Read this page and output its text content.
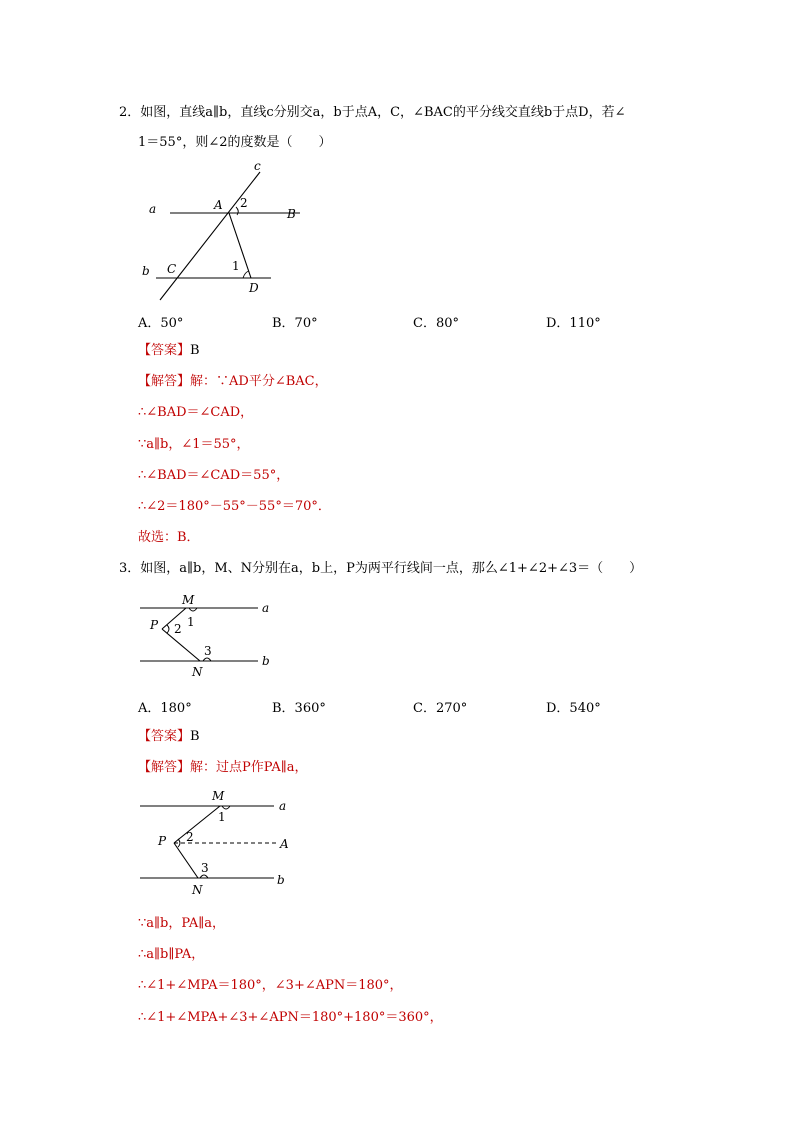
2．如图，直线a∥b，直线c分别交a，b于点A，C，∠BAC的平分线交直线b于点D，若∠
1＝55°，则∠2的度数是（　　）
c
a	A 2
B
b C	1
D
A．50°	B．70°	C．80°	D．110°
【答案】B
【解答】解：∵AD平分∠BAC，
∴∠BAD＝∠CAD，
∵a∥b，∠1＝55°，
∴∠BAD＝∠CAD＝55°，
∴∠2＝180°－55°－55°＝70°．
故选：B．
3．如图，a∥b，M、N分别在a，b上，P为两平行线间一点，那么∠1+∠2+∠3＝（　　）
M
a
P 2 1
3
N
b
A．180°	B．360°	C．270°	D．540°
【答案】B
【解答】解：过点P作PA∥a，
M
a
1
P 2	A
3
N
b
∵a∥b，PA∥a，
∴a∥b∥PA，
∴∠1+∠MPA＝180°，∠3+∠APN＝180°，
∴∠1+∠MPA+∠3+∠APN＝180°+180°＝360°，
